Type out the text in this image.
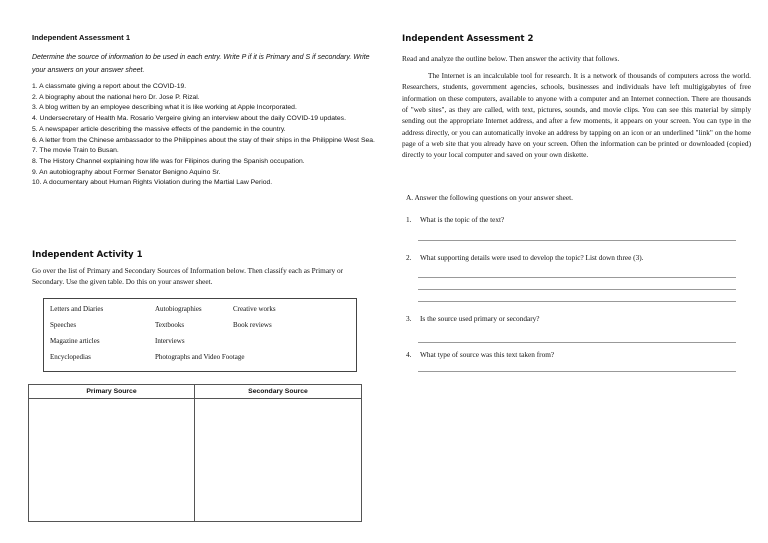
Independent Assessment 1
Determine the source of information to be used in each entry. Write P if it is Primary and S if secondary. Write your answers on your answer sheet.
1. A classmate giving a report about the COVID-19.
2. A biography about the national hero Dr. Jose P. Rizal.
3. A blog written by an employee describing what it is like working at Apple Incorporated.
4. Undersecretary of Health Ma. Rosario Vergeire giving an interview about the daily COVID-19 updates.
5. A newspaper article describing the massive effects of the pandemic in the country.
6. A letter from the Chinese ambassador to the Philippines about the stay of their ships in the Philippine West Sea.
7. The movie Train to Busan.
8. The History Channel explaining how life was for Filipinos during the Spanish occupation.
9. An autobiography about Former Senator Benigno Aquino Sr.
10. A documentary about Human Rights Violation during the Martial Law Period.
Independent Activity 1
Go over the list of Primary and Secondary Sources of Information below. Then classify each as Primary or Secondary. Use the given table. Do this on your answer sheet.
Letters and Diaries	Autobiographies	Creative works
Speeches	Textbooks	Book reviews
Magazine articles	Interviews
Encyclopedias	Photographs and Video Footage
Primary Source	Secondary Source
Independent Assessment 2
Read and analyze the outline below. Then answer the activity that follows.

The Internet is an incalculable tool for research. It is a network of thousands of computers across the world. Researchers, students, government agencies, schools, businesses and individuals have left multigigabytes of free information on these computers, available to anyone with a computer and an Internet connection. There are thousands of "web sites", as they are called, with text, pictures, sounds, and movie clips. You can see this material by simply sending out the appropriate Internet address, and after a few moments, it appears on your screen. You can type in the address directly, or you can automatically invoke an address by tapping on an icon or an underlined "link" on the home page of a web site that you already have on your screen. Often the information can be printed or downloaded (copied) directly to your local computer and saved on your own diskette.

A. Answer the following questions on your answer sheet.
1. What is the topic of the text?
2. What supporting details were used to develop the topic? List down three (3).
3. Is the source used primary or secondary?
4. What type of source was this text taken from?
